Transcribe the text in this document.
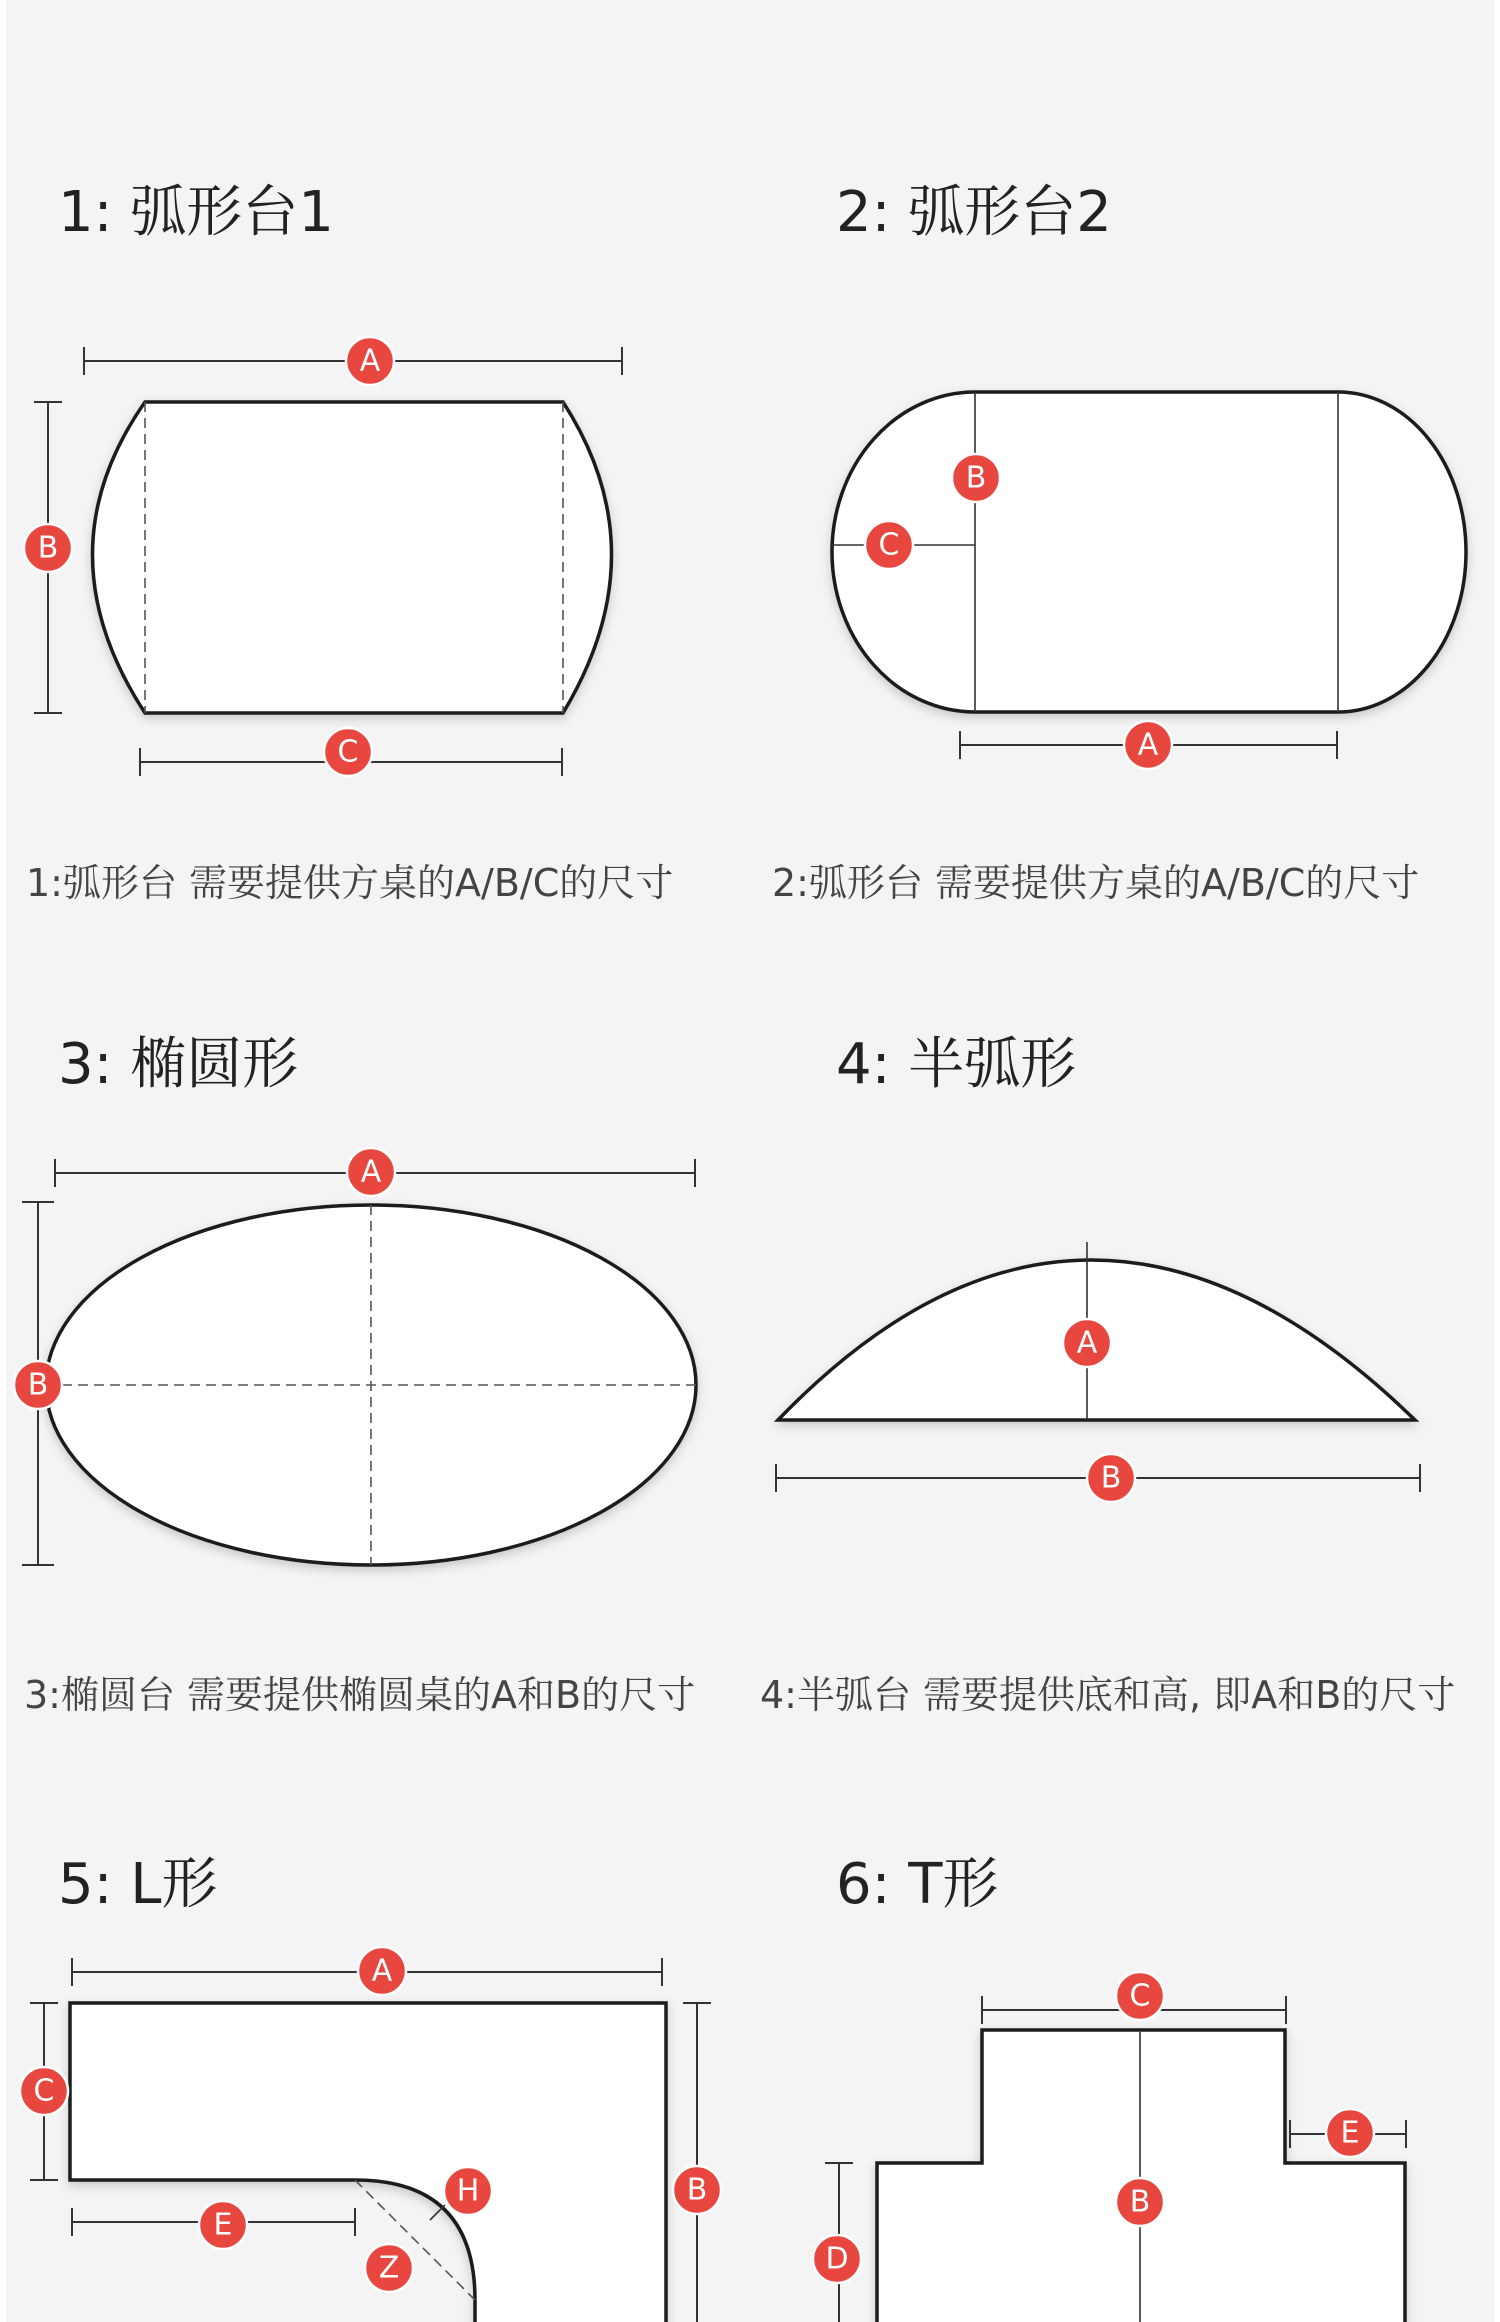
1: 弧形台1	2: 弧形台2
3: 椭圆形	4: 半弧形
5: L形	6: T形
1:弧形台 需要提供方桌的A/B/C的尺寸	2:弧形台 需要提供方桌的A/B/C的尺寸
3:椭圆台 需要提供椭圆桌的A和B的尺寸 4:半弧台 需要提供底和高, 即A和B的尺寸
A
B
C
B
C
A
A
B
A
B
A
C
B
H
E
Z
C
E
B
D
